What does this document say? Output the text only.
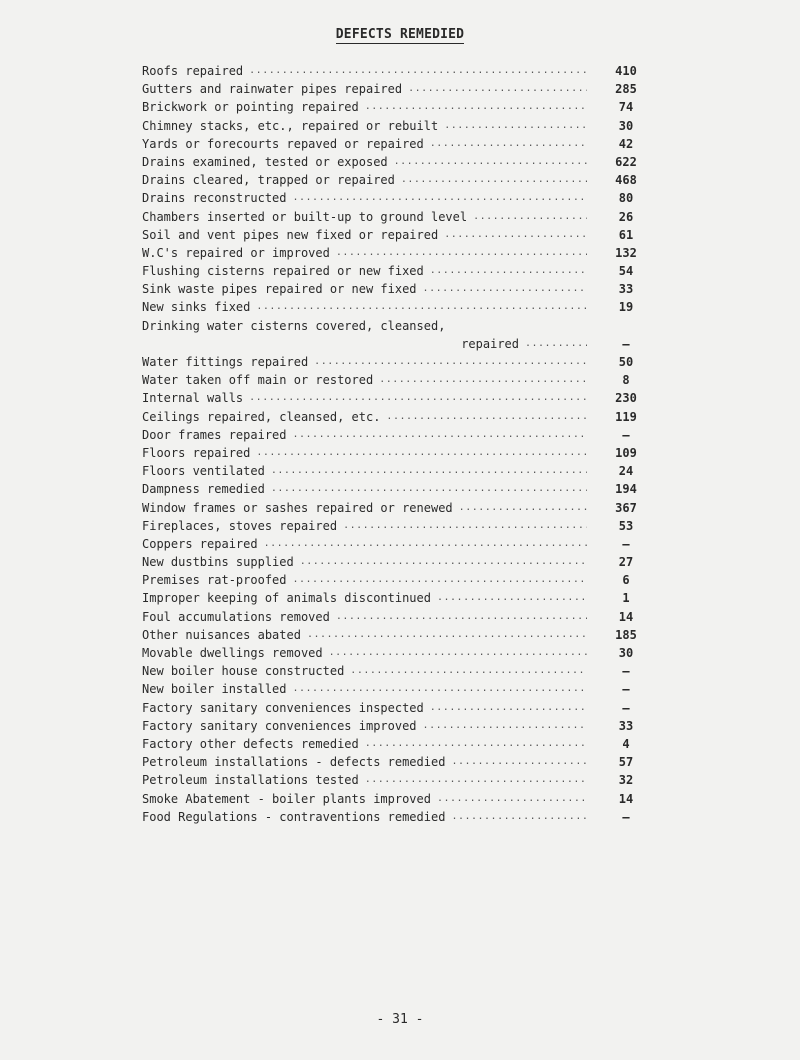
DEFECTS REMEDIED
Roofs repaired .....	410
Gutters and rainwater pipes repaired .....	285
Brickwork or pointing repaired .....	74
Chimney stacks, etc., repaired or rebuilt .....	30
Yards or forecourts repaved or repaired .....	42
Drains examined, tested or exposed .....	622
Drains cleared, trapped or repaired .....	468
Drains reconstructed .....	80
Chambers inserted or built-up to ground level .....	26
Soil and vent pipes new fixed or repaired .....	61
W.C's repaired or improved .....	132
Flushing cisterns repaired or new fixed .....	54
Sink waste pipes repaired or new fixed .....	33
New sinks fixed .....	19
Drinking water cisterns covered, cleansed,
repaired .....	–
Water fittings repaired .....	50
Water taken off main or restored .....	8
Internal walls .....	230
Ceilings repaired, cleansed, etc. .....	119
Door frames repaired .....	–
Floors repaired .....	109
Floors ventilated .....	24
Dampness remedied .....	194
Window frames or sashes repaired or renewed .....	367
Fireplaces, stoves repaired .....	53
Coppers repaired .....	–
New dustbins supplied .....	27
Premises rat-proofed .....	6
Improper keeping of animals discontinued .....	1
Foul accumulations removed .....	14
Other nuisances abated .....	185
Movable dwellings removed .....	30
New boiler house constructed .....	–
New boiler installed .....	–
Factory sanitary conveniences inspected .....	–
Factory sanitary conveniences improved .....	33
Factory other defects remedied .....	4
Petroleum installations - defects remedied .....	57
Petroleum installations tested .....	32
Smoke Abatement - boiler plants improved .....	14
Food Regulations - contraventions remedied .....	–
- 31 -
